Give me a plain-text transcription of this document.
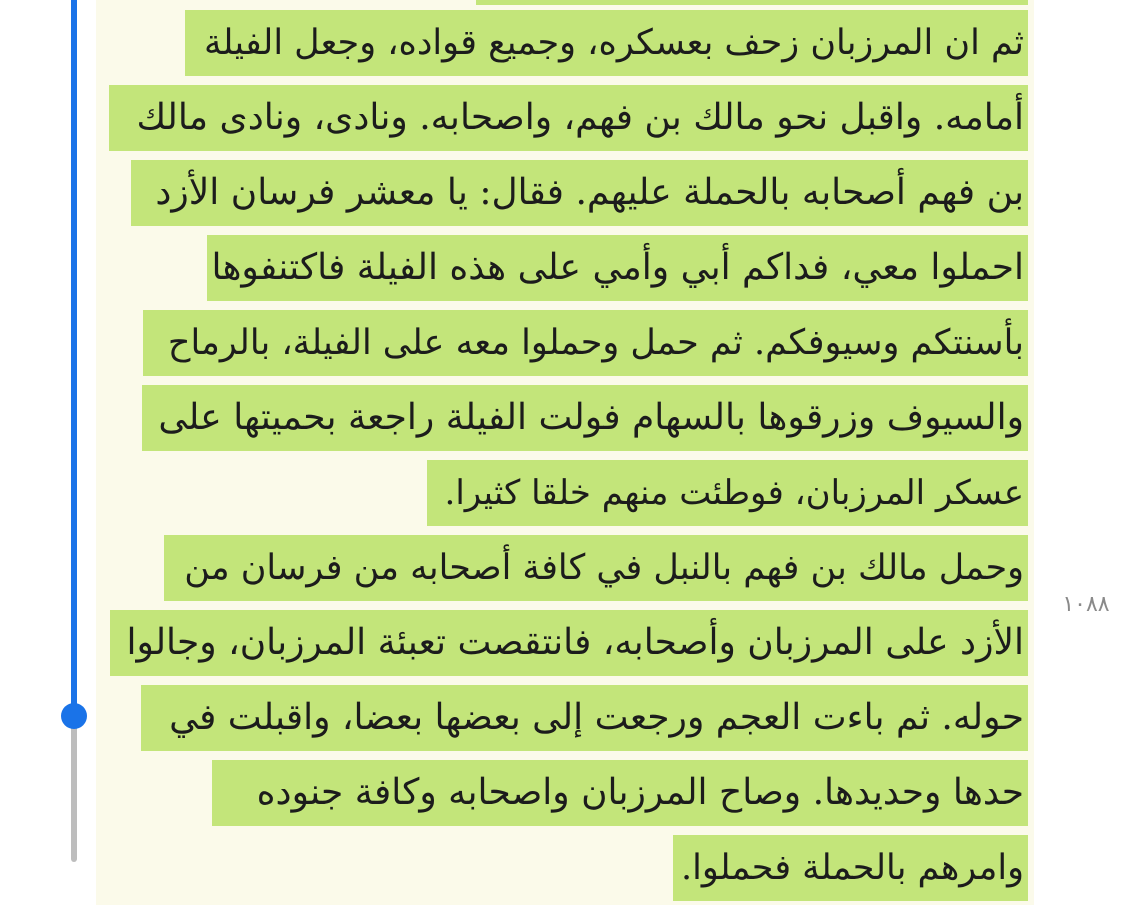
ثم ان المرزبان زحف بعسكره، وجميع قواده، وجعل الفيلة
أمامه. واقبل نحو مالك بن فهم، واصحابه. ونادى، ونادى مالك
بن فهم أصحابه بالحملة عليهم. فقال: يا معشر فرسان الأزد
احملوا معي، فداكم أبي وأمي على هذه الفيلة فاكتنفوها
بأسنتكم وسيوفكم. ثم حمل وحملوا معه على الفيلة، بالرماح
والسيوف وزرقوها بالسهام فولت الفيلة راجعة بحميتها على
عسكر المرزبان، فوطئت منهم خلقا كثيرا.
وحمل مالك بن فهم بالنبل في كافة أصحابه من فرسان من
الأزد على المرزبان وأصحابه، فانتقصت تعبئة المرزبان، وجالوا
حوله. ثم باءت العجم ورجعت إلى بعضها بعضا، واقبلت في
حدها وحديدها. وصاح المرزبان واصحابه وكافة جنوده
وامرهم بالحملة فحملوا.
١٠٨٨
